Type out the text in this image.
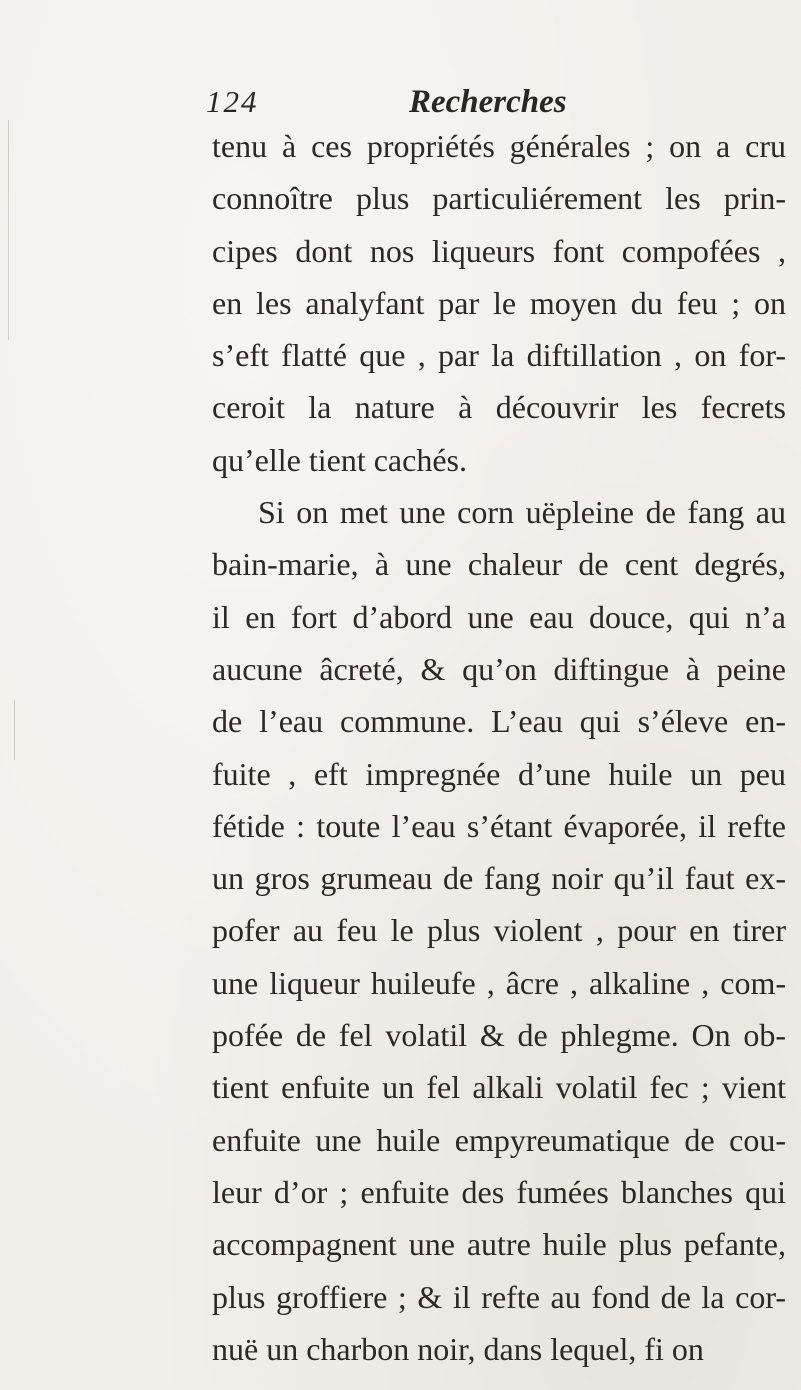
124	Recherches
tenu à ces propriétés générales ; on a cru
connoître plus particuliérement les prin-
cipes dont nos liqueurs font compofées ,
en les analyfant par le moyen du feu ; on
s’eft flatté que , par la diftillation , on for-
ceroit la nature à découvrir les fecrets
qu’elle tient cachés.
Si on met une corn uëpleine de fang au
bain-marie, à une chaleur de cent degrés,
il en fort d’abord une eau douce, qui n’a
aucune âcreté, & qu’on diftingue à peine
de l’eau commune. L’eau qui s’éleve en-
fuite , eft impregnée d’une huile un peu
fétide : toute l’eau s’étant évaporée, il refte
un gros grumeau de fang noir qu’il faut ex-
pofer au feu le plus violent , pour en tirer
une liqueur huileufe , âcre , alkaline , com-
pofée de fel volatil & de phlegme. On ob-
tient enfuite un fel alkali volatil fec ; vient
enfuite une huile empyreumatique de cou-
leur d’or ; enfuite des fumées blanches qui
accompagnent une autre huile plus pefante,
plus groffiere ; & il refte au fond de la cor-
nuë un charbon noir, dans lequel, fi on
